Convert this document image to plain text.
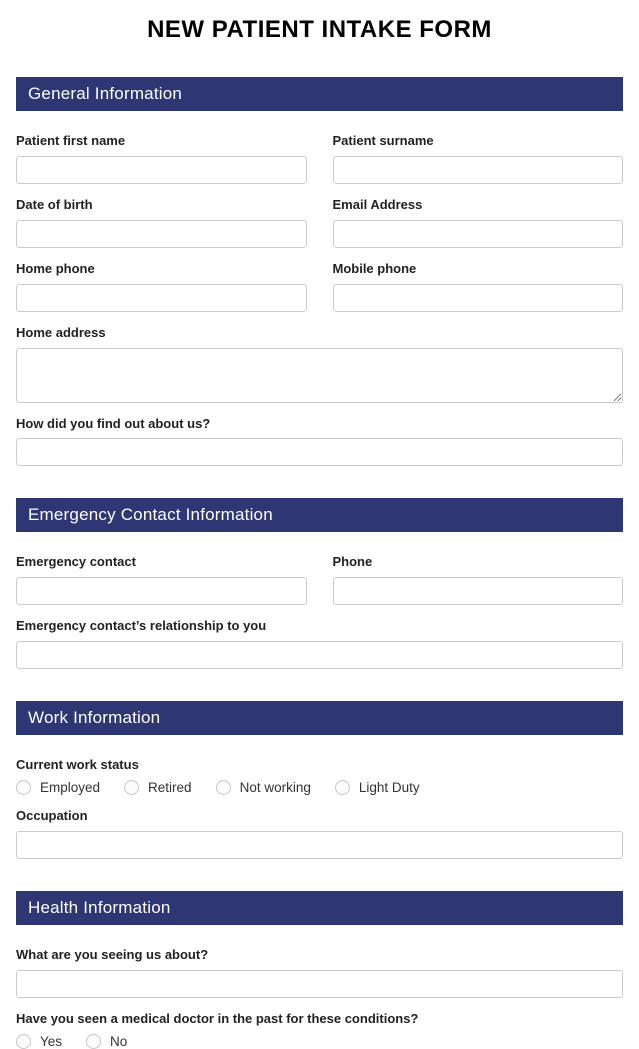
NEW PATIENT INTAKE FORM
General Information
Patient first name	Patient surname
Date of birth	Email Address
Home phone	Mobile phone
Home address
How did you find out about us?
Emergency Contact Information
Emergency contact	Phone
Emergency contact’s relationship to you
Work Information
Current work status
Employed	Retired	Not working	Light Duty
Occupation
Health Information
What are you seeing us about?
Have you seen a medical doctor in the past for these conditions?
Yes	No
